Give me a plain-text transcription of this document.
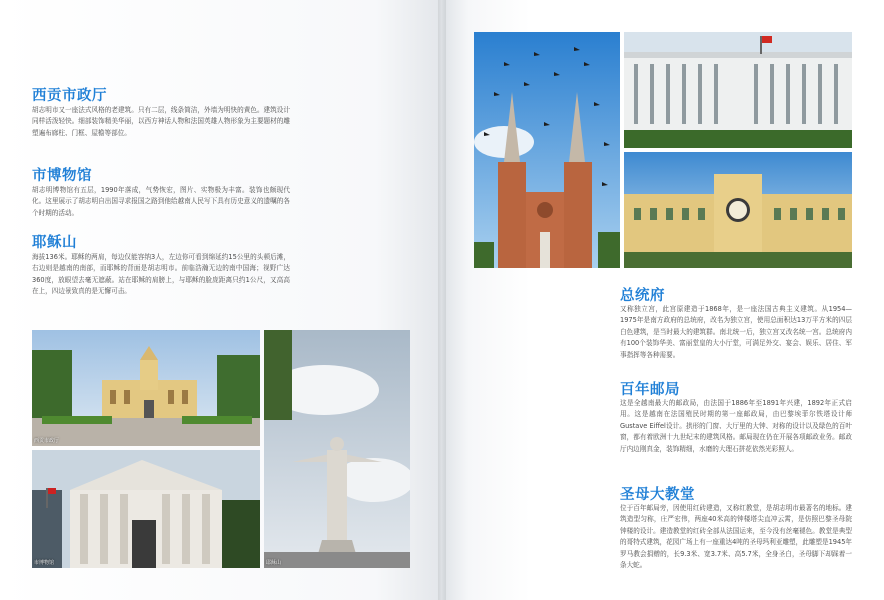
西贡市政厅

胡志明市又一座法式风格的老建筑。只有二层，线条简洁，外墙为明快的黄色。建筑设计同样活泼轻快。细部装饰精美华丽，以西方神话人物和法国英雄人物形象为主要题材的雕塑遍布廊柱、门框、屋檐等部位。

市博物馆

胡志明博物馆有五层，1990年落成，气势恢宏，图片、实物极为丰富。装饰也颇现代化。这里展示了胡志明自出国寻求报国之路到他给越南人民写下具有历史意义的遗嘱的各个时期的活动。

耶稣山

海拔136米。耶稣的两肩，每边仅能容纳3人，左边你可看到绵延约15公里的头顿后滩，右边则是越南的南部，而耶稣的背面是胡志明市。前临浩瀚无边的南中国海；视野广达360度，放眼望去毫无遮蔽。站在耶稣的肩膀上，与耶稣的脸庞距离只约1公尺，又高高在上，四边景致真的是无懈可击。

西贡市政厅
市博物馆	耶稣山
总统府

又称独立宫，此宫原建造于1868年，是一座法国古典主义建筑。从1954—1975年是南方政府的总统府，改名为独立宫，使用总面积达13万平方米的四层白色建筑，是当时最大的建筑群。南北统一后，独立宫又改名统一宫。总统府内有100个装饰华美、富丽堂皇的大小厅堂，可满足外交、宴会、娱乐、居住、军事指挥等各种需要。

百年邮局

这是全越南最大的邮政局，由法国于1886年至1891年兴建，1892年正式启用。这是越南在法国殖民时期的第一座邮政局，由巴黎埃菲尔铁塔设计师Gustave Eiffel设计。拱形的门窗、大厅里的大钟、对称的设计以及绿色的百叶窗，都有着欧洲十九世纪末的建筑风格。邮局现在仍在开展各项邮政业务。邮政厅内边刚真金，装饰精细，水磨的大理石拼花依然光彩照人。

圣母大教堂

位于百年邮局旁，因使用红砖建造，又称红教堂，是胡志明市最著名的地标。建筑造型匀称，庄严宏伟，两座40米高的钟楼塔尖直冲云霄，是仿照巴黎圣母院钟楼的设计。建造教堂的红砖全部从法国运来，至今没有丝毫褪色。教堂是典型的哥特式建筑，花园广场上有一座重达4吨的圣母玛利亚雕塑，此雕塑是1945年罗马教会捐赠的，长9.3米、宽3.7米、高5.7米，全身圣白，圣母脚下却踩着一条大蛇。
